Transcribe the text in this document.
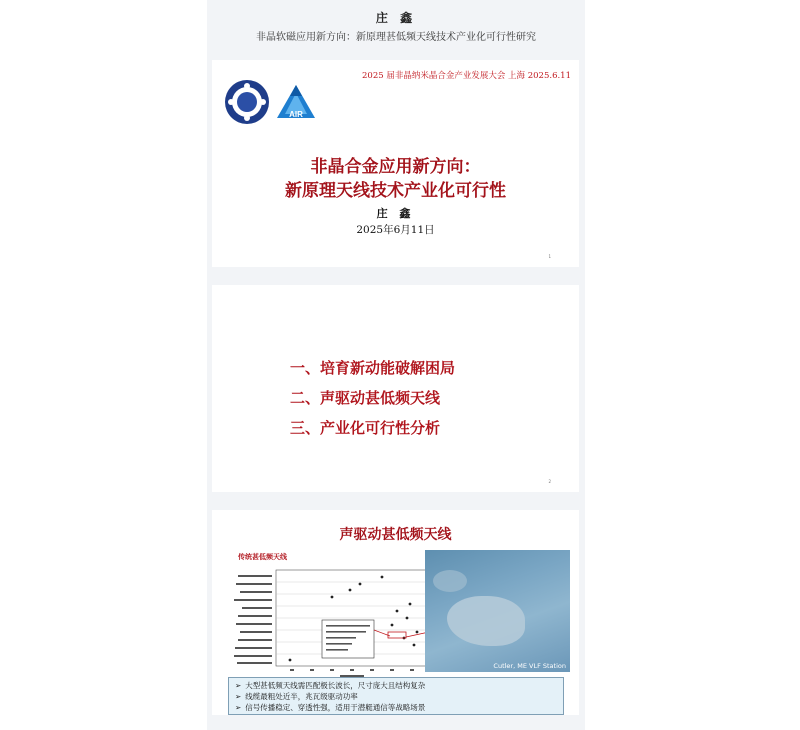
庄 鑫
非晶软磁应用新方向：新原理甚低频天线技术产业化可行性研究
2025 届非晶纳米晶合金产业发展大会 上海 2025.6.11
AIR
非晶合金应用新方向：
新原理天线技术产业化可行性
庄 鑫
2025年6月11日
1
一、培育新动能破解困局
二、声驱动甚低频天线
三、产业化可行性分析
2
声驱动甚低频天线
传统甚低频天线
Cutler, ME VLF Station
➢ 大型甚低频天线需匹配极长波长，尺寸庞大且结构复杂
➢ 线缆最粗处近半，兆瓦级驱动功率
➢ 信号传播稳定、穿透性强，适用于潜艇通信等战略场景
